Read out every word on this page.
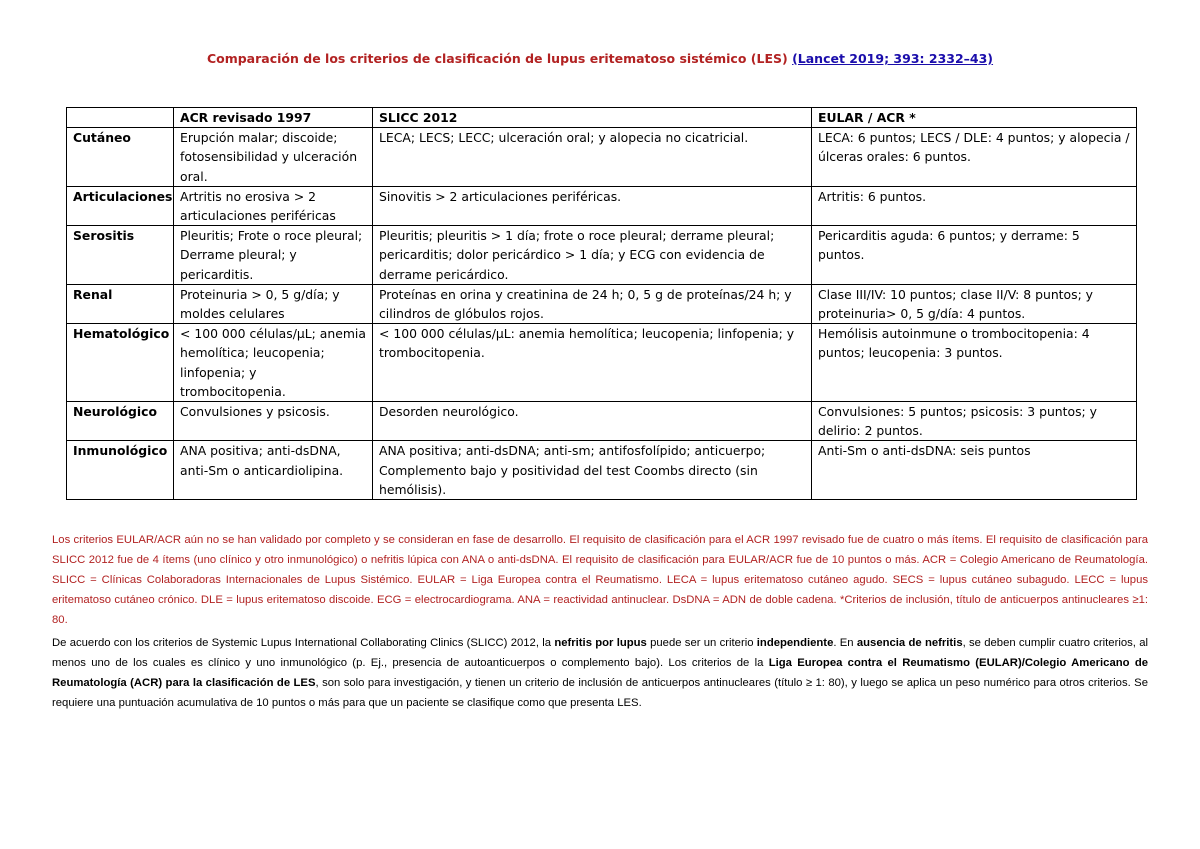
Comparación de los criterios de clasificación de lupus eritematoso sistémico (LES) (Lancet 2019; 393: 2332–43)
	ACR revisado 1997	SLICC 2012	EULAR / ACR *
Cutáneo	Erupción malar; discoide; fotosensibilidad y ulceración oral.	LECA; LECS; LECC; ulceración oral; y alopecia no cicatricial.	LECA: 6 puntos; LECS / DLE: 4 puntos; y alopecia / úlceras orales: 6 puntos.
Articulaciones	Artritis no erosiva > 2 articulaciones periféricas	Sinovitis > 2 articulaciones periféricas.	Artritis: 6 puntos.
Serositis	Pleuritis; Frote o roce pleural; Derrame pleural; y pericarditis.	Pleuritis; pleuritis > 1 día; frote o roce pleural; derrame pleural; pericarditis; dolor pericárdico > 1 día; y ECG con evidencia de derrame pericárdico.	Pericarditis aguda: 6 puntos; y derrame: 5 puntos.
Renal	Proteinuria > 0, 5 g/día; y moldes celulares	Proteínas en orina y creatinina de 24 h; 0, 5 g de proteínas/24 h; y cilindros de glóbulos rojos.	Clase III/IV: 10 puntos; clase II/V: 8 puntos; y proteinuria> 0, 5 g/día: 4 puntos.
Hematológico	< 100 000 células/μL; anemia hemolítica; leucopenia; linfopenia; y trombocitopenia.	< 100 000 células/μL: anemia hemolítica; leucopenia; linfopenia; y trombocitopenia.	Hemólisis autoinmune o trombocitopenia: 4 puntos; leucopenia: 3 puntos.
Neurológico	Convulsiones y psicosis.	Desorden neurológico.	Convulsiones: 5 puntos; psicosis: 3 puntos; y delirio: 2 puntos.
Inmunológico	ANA positiva; anti-dsDNA, anti-Sm o anticardiolipina.	ANA positiva; anti-dsDNA; anti-sm; antifosfolípido; anticuerpo; Complemento bajo y positividad del test Coombs directo (sin hemólisis).	Anti-Sm o anti-dsDNA: seis puntos

Los criterios EULAR/ACR aún no se han validado por completo y se consideran en fase de desarrollo. El requisito de clasificación para el ACR 1997 revisado fue de cuatro o más ítems. El requisito de clasificación para SLICC 2012 fue de 4 ítems (uno clínico y otro inmunológico) o nefritis lúpica con ANA o anti-dsDNA. El requisito de clasificación para EULAR/ACR fue de 10 puntos o más. ACR = Colegio Americano de Reumatología. SLICC = Clínicas Colaboradoras Internacionales de Lupus Sistémico. EULAR = Liga Europea contra el Reumatismo. LECA = lupus eritematoso cutáneo agudo. SECS = lupus cutáneo subagudo. LECC = lupus eritematoso cutáneo crónico. DLE = lupus eritematoso discoide. ECG = electrocardiograma. ANA = reactividad antinuclear. DsDNA = ADN de doble cadena. *Criterios de inclusión, título de anticuerpos antinucleares ≥1: 80.

De acuerdo con los criterios de Systemic Lupus International Collaborating Clinics (SLICC) 2012, la nefritis por lupus puede ser un criterio independiente. En ausencia de nefritis, se deben cumplir cuatro criterios, al menos uno de los cuales es clínico y uno inmunológico (p. Ej., presencia de autoanticuerpos o complemento bajo). Los criterios de la Liga Europea contra el Reumatismo (EULAR)/Colegio Americano de Reumatología (ACR) para la clasificación de LES, son solo para investigación, y tienen un criterio de inclusión de anticuerpos antinucleares (título ≥ 1: 80), y luego se aplica un peso numérico para otros criterios. Se requiere una puntuación acumulativa de 10 puntos o más para que un paciente se clasifique como que presenta LES.
